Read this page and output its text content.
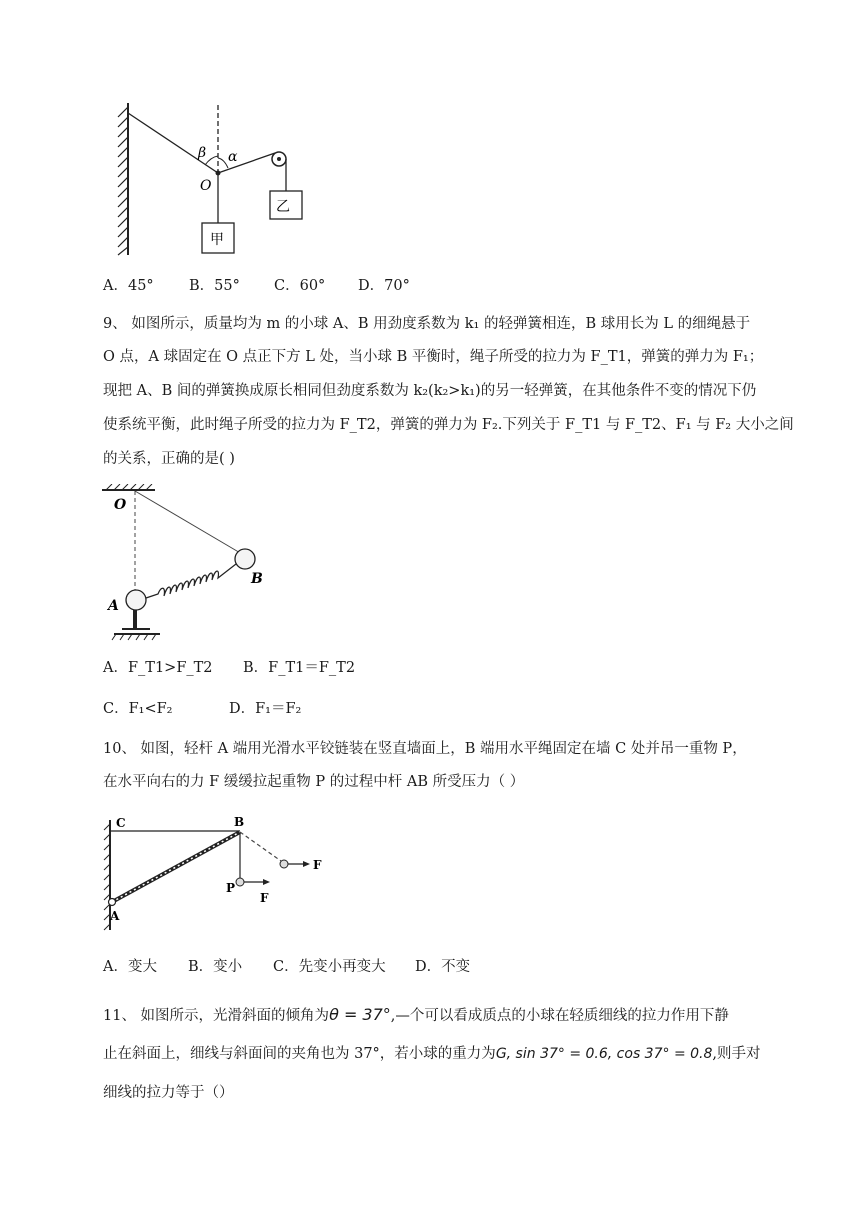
β α
O
乙
甲
A．45° B．55° C．60° D．70°
9、 如图所示，质量均为 m 的小球 A、B 用劲度系数为 k₁ 的轻弹簧相连，B 球用长为 L 的细绳悬于
O 点，A 球固定在 O 点正下方 L 处，当小球 B 平衡时，绳子所受的拉力为 F_T1，弹簧的弹力为 F₁；
现把 A、B 间的弹簧换成原长相同但劲度系数为 k₂(k₂>k₁)的另一轻弹簧，在其他条件不变的情况下仍
使系统平衡，此时绳子所受的拉力为 F_T2，弹簧的弹力为 F₂.下列关于 F_T1 与 F_T2、F₁ 与 F₂ 大小之间
的关系，正确的是( )
O
B
A
A．F_T1>F_T2 B．F_T1＝F_T2
C．F₁<F₂	D．F₁＝F₂
10、 如图，轻杆 A 端用光滑水平铰链装在竖直墙面上，B 端用水平绳固定在墙 C 处并吊一重物 P，
在水平向右的力 F 缓缓拉起重物 P 的过程中杆 AB 所受压力（ ）
C	B
A
P
F
F
A．变大 B．变小 C．先变小再变大 D．不变
11、 如图所示，光滑斜面的倾角为θ = 37°,—个可以看成质点的小球在轻质细线的拉力作用下静
止在斜面上，细线与斜面间的夹角也为 37°，若小球的重力为G, sin 37° = 0.6, cos 37° = 0.8,则手对
细线的拉力等于（）
